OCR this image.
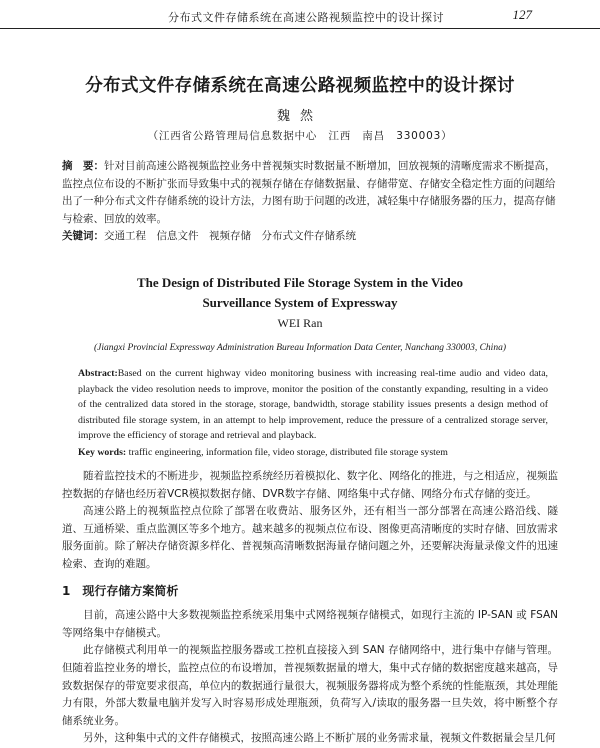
分布式文件存储系统在高速公路视频监控中的设计探讨	127
分布式文件存储系统在高速公路视频监控中的设计探讨
魏然
（江西省公路管理局信息数据中心　江西　南昌　330003）
摘　要：针对目前高速公路视频监控业务中普视频实时数据量不断增加，回放视频的清晰度需求不断提高，监控点位布设的不断扩张而导致集中式的视频存储在存储数据量、存储带宽、存储安全稳定性方面的问题给出了一种分布式文件存储系统的设计方法，力图有助于问题的改进，减轻集中存储服务器的压力，提高存储与检索、回放的效率。
关键词：交通工程　信息文件　视频存储　分布式文件存储系统
The Design of Distributed File Storage System in the Video
Surveillance System of Expressway
WEI Ran
(Jiangxi Provincial Expressway Administration Bureau Information Data Center, Nanchang 330003, China)
Abstract:Based on the current highway video monitoring business with increasing real-time audio and video data, playback the video resolution needs to improve, monitor the position of the constantly expanding, resulting in a video of the centralized data stored in the storage, storage, bandwidth, storage stability issues presents a design method of distributed file storage system, in an attempt to help improvement, reduce the pressure of a centralized storage server, improve the efficiency of storage and retrieval and playback.
Key words: traffic engineering, information file, video storage, distributed file storage system

随着监控技术的不断进步，视频监控系统经历着模拟化、数字化、网络化的推进，与之相适应，视频监控数据的存储也经历着VCR模拟数据存储、DVR数字存储、网络集中式存储、网络分布式存储的变迁。

高速公路上的视频监控点位除了部署在收费站、服务区外，还有相当一部分部署在高速公路沿线、隧道、互通桥梁、重点监测区等多个地方。越来越多的视频点位布设、图像更高清晰度的实时存储、回放需求服务面前。除了解决存储资源多样化、普视频高清晰数据海量存储问题之外，还要解决海量录像文件的迅速检索、查询的难题。

1　现行存储方案简析

目前，高速公路中大多数视频监控系统采用集中式网络视频存储模式，如现行主流的 IP-SAN 或 FSAN 等网络集中存储模式。

此存储模式利用单一的视频监控服务器或工控机直接接入到 SAN 存储网络中，进行集中存储与管理。但随着监控业务的增长，监控点位的布设增加，普视频数据量的增大，集中式存储的数据密度越来越高，导致数据保存的带宽要求很高，单位内的数据通行量很大，视频服务器将成为整个系统的性能瓶颈，其处理能力有限，外部大数量电脑并发写入时容易形成处理瓶颈，负荷写入/读取的服务器一旦失效，将中断整个存储系统业务。

另外，这种集中式的文件存储模式，按照高速公路上不断扩展的业务需求量，视频文件数据量会呈几何
